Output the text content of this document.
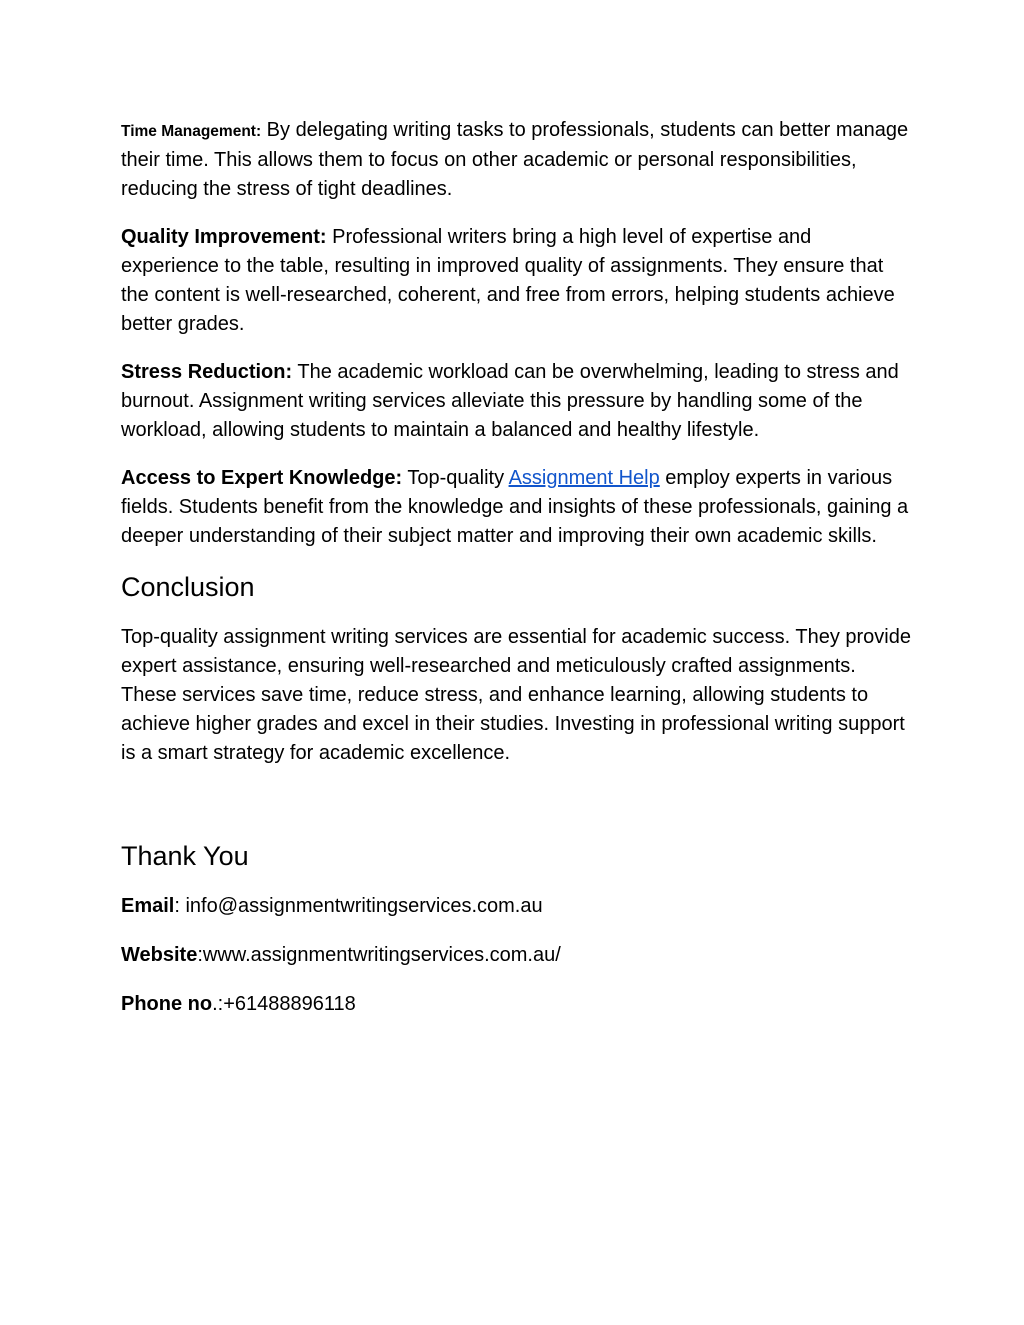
Time Management: By delegating writing tasks to professionals, students can better manage their time. This allows them to focus on other academic or personal responsibilities, reducing the stress of tight deadlines.

Quality Improvement: Professional writers bring a high level of expertise and experience to the table, resulting in improved quality of assignments. They ensure that the content is well-researched, coherent, and free from errors, helping students achieve better grades.

Stress Reduction: The academic workload can be overwhelming, leading to stress and burnout. Assignment writing services alleviate this pressure by handling some of the workload, allowing students to maintain a balanced and healthy lifestyle.

Access to Expert Knowledge: Top-quality Assignment Help employ experts in various fields. Students benefit from the knowledge and insights of these professionals, gaining a deeper understanding of their subject matter and improving their own academic skills.

Conclusion

Top-quality assignment writing services are essential for academic success. They provide expert assistance, ensuring well-researched and meticulously crafted assignments. These services save time, reduce stress, and enhance learning, allowing students to achieve higher grades and excel in their studies. Investing in professional writing support is a smart strategy for academic excellence.

Thank You

Email: info@assignmentwritingservices.com.au

Website:www.assignmentwritingservices.com.au/

Phone no.:+61488896118
